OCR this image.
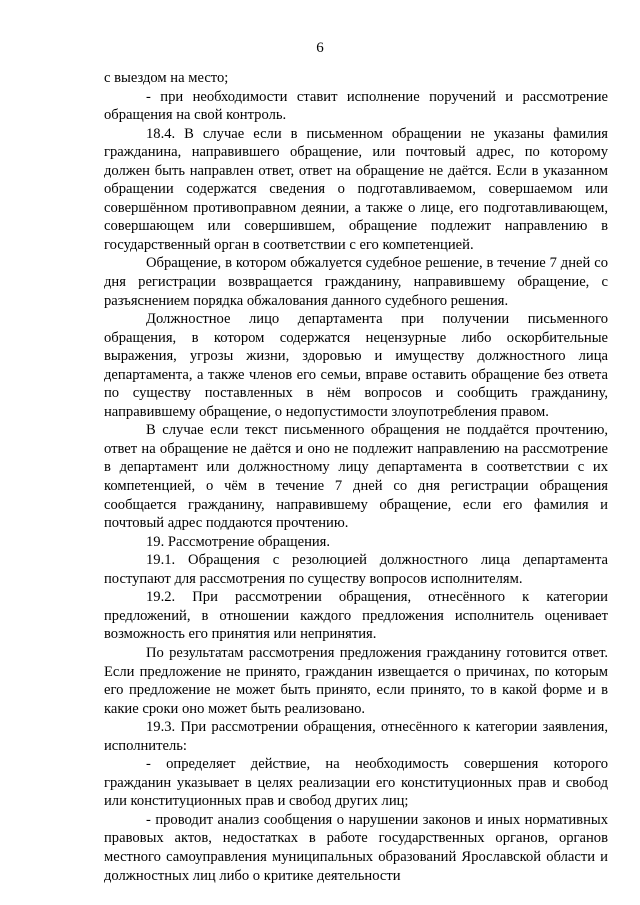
6

с выездом на место;

- при необходимости ставит исполнение поручений и рассмотрение обращения на свой контроль.

18.4. В случае если в письменном обращении не указаны фамилия гражданина, направившего обращение, или почтовый адрес, по которому должен быть направлен ответ, ответ на обращение не даётся. Если в указанном обращении содержатся сведения о подготавливаемом, совершаемом или совершённом противоправном деянии, а также о лице, его подготавливающем, совершающем или совершившем, обращение подлежит направлению в государственный орган в соответствии с его компетенцией.

Обращение, в котором обжалуется судебное решение, в течение 7 дней со дня регистрации возвращается гражданину, направившему обращение, с разъяснением порядка обжалования данного судебного решения.

Должностное лицо департамента при получении письменного обращения, в котором содержатся нецензурные либо оскорбительные выражения, угрозы жизни, здоровью и имуществу должностного лица департамента, а также членов его семьи, вправе оставить обращение без ответа по существу поставленных в нём вопросов и сообщить гражданину, направившему обращение, о недопустимости злоупотребления правом.

В случае если текст письменного обращения не поддаётся прочтению, ответ на обращение не даётся и оно не подлежит направлению на рассмотрение в департамент или должностному лицу департамента в соответствии с их компетенцией, о чём в течение 7 дней со дня регистрации обращения сообщается гражданину, направившему обращение, если его фамилия и почтовый адрес поддаются прочтению.

19. Рассмотрение обращения.

19.1. Обращения с резолюцией должностного лица департамента поступают для рассмотрения по существу вопросов исполнителям.

19.2. При рассмотрении обращения, отнесённого к категории предложений, в отношении каждого предложения исполнитель оценивает возможность его принятия или непринятия.

По результатам рассмотрения предложения гражданину готовится ответ. Если предложение не принято, гражданин извещается о причинах, по которым его предложение не может быть принято, если принято, то в какой форме и в какие сроки оно может быть реализовано.

19.3. При рассмотрении обращения, отнесённого к категории заявления, исполнитель:

- определяет действие, на необходимость совершения которого гражданин указывает в целях реализации его конституционных прав и свобод или конституционных прав и свобод других лиц;

- проводит анализ сообщения о нарушении законов и иных нормативных правовых актов, недостатках в работе государственных органов, органов местного самоуправления муниципальных образований Ярославской области и должностных лиц либо о критике деятельности
